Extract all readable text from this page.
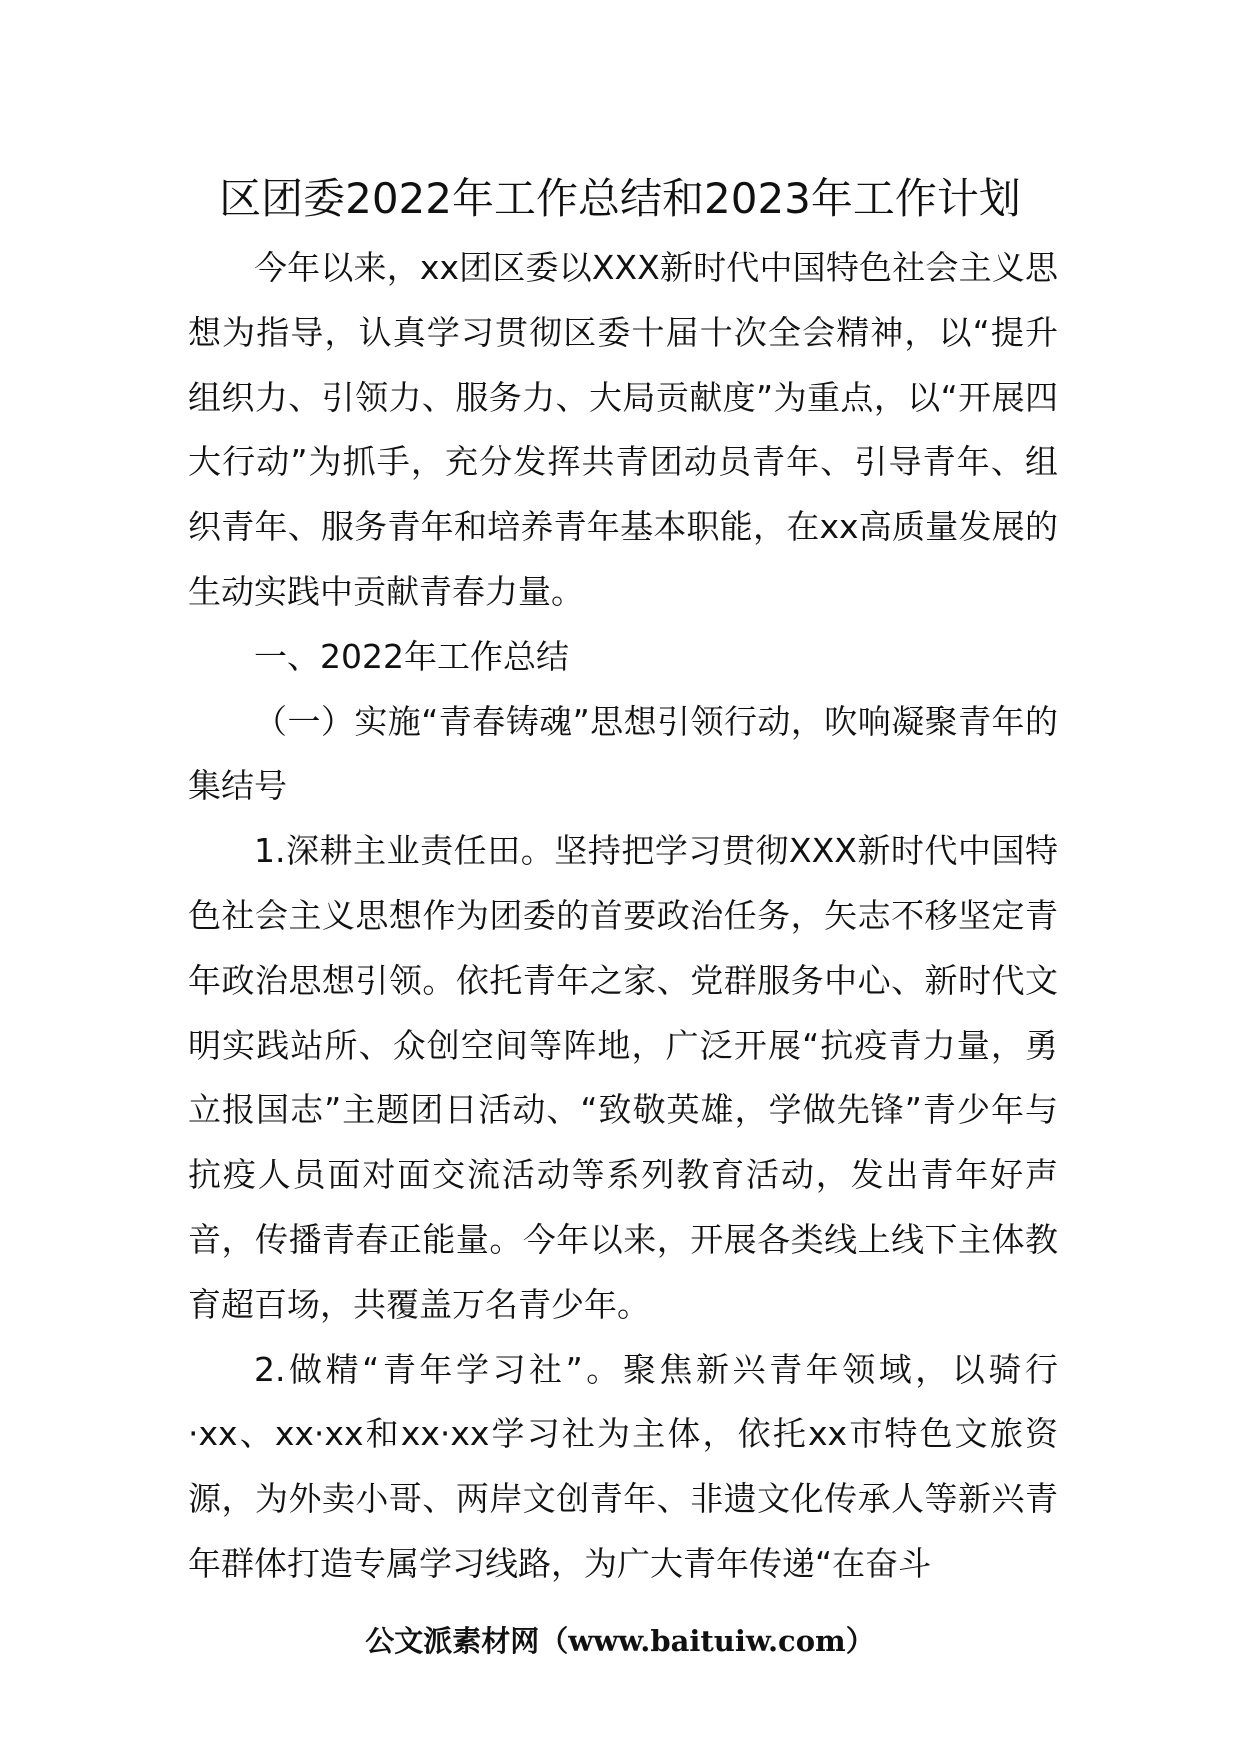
区团委2022年工作总结和2023年工作计划

今年以来，xx团区委以XXX新时代中国特色社会主义思想为指导，认真学习贯彻区委十届十次全会精神，以“提升组织力、引领力、服务力、大局贡献度”为重点，以“开展四大行动”为抓手，充分发挥共青团动员青年、引导青年、组织青年、服务青年和培养青年基本职能，在xx高质量发展的生动实践中贡献青春力量。

一、2022年工作总结

（一）实施“青春铸魂”思想引领行动，吹响凝聚青年的集结号

1.深耕主业责任田。坚持把学习贯彻XXX新时代中国特色社会主义思想作为团委的首要政治任务，矢志不移坚定青年政治思想引领。依托青年之家、党群服务中心、新时代文明实践站所、众创空间等阵地，广泛开展“抗疫青力量，勇立报国志”主题团日活动、“致敬英雄，学做先锋”青少年与抗疫人员面对面交流活动等系列教育活动，发出青年好声音，传播青春正能量。今年以来，开展各类线上线下主体教育超百场，共覆盖万名青少年。

2.做精“青年学习社”。聚焦新兴青年领域，以骑行·xx、xx·xx和xx·xx学习社为主体，依托xx市特色文旅资源，为外卖小哥、两岸文创青年、非遗文化传承人等新兴青年群体打造专属学习线路，为广大青年传递“在奋斗

公文派素材网（www.baituiw.com）
